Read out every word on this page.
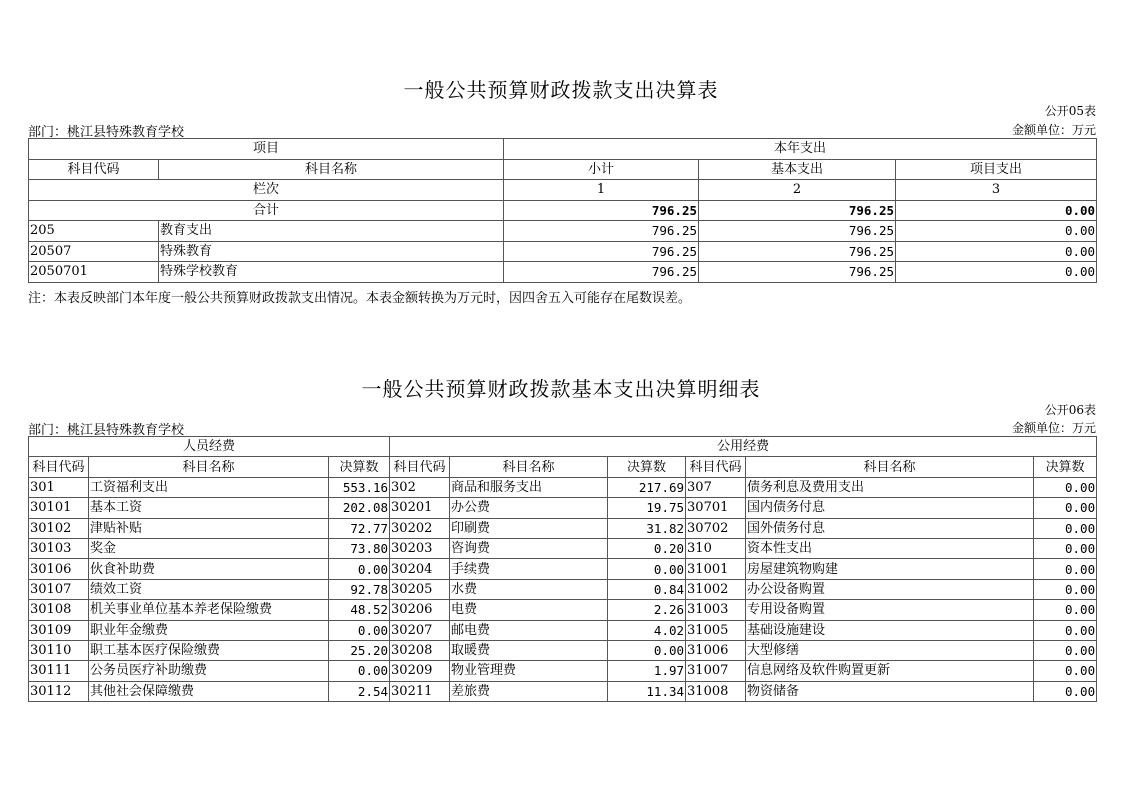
一般公共预算财政拨款支出决算表
公开05表
部门：桃江县特殊教育学校	金额单位：万元
项目		本年支出		
科目代码	科目名称	小计	基本支出	项目支出
栏次		1	2	3
合计		796.25	796.25	0.00
205	教育支出	796.25	796.25	0.00
20507	特殊教育	796.25	796.25	0.00
2050701	特殊学校教育	796.25	796.25	0.00
注：本表反映部门本年度一般公共预算财政拨款支出情况。本表金额转换为万元时，因四舍五入可能存在尾数误差。
一般公共预算财政拨款基本支出决算明细表
公开06表
部门：桃江县特殊教育学校	金额单位：万元
人员经费			公用经费					
科目代码	科目名称	决算数	科目代码	科目名称	决算数	科目代码	科目名称	决算数
301	工资福利支出	553.16	302	商品和服务支出	217.69	307	债务利息及费用支出	0.00
30101	基本工资	202.08	30201	办公费	19.75	30701	国内债务付息	0.00
30102	津贴补贴	72.77	30202	印刷费	31.82	30702	国外债务付息	0.00
30103	奖金	73.80	30203	咨询费	0.20	310	资本性支出	0.00
30106	伙食补助费	0.00	30204	手续费	0.00	31001	房屋建筑物购建	0.00
30107	绩效工资	92.78	30205	水费	0.84	31002	办公设备购置	0.00
30108	机关事业单位基本养老保险缴费	48.52	30206	电费	2.26	31003	专用设备购置	0.00
30109	职业年金缴费	0.00	30207	邮电费	4.02	31005	基础设施建设	0.00
30110	职工基本医疗保险缴费	25.20	30208	取暖费	0.00	31006	大型修缮	0.00
30111	公务员医疗补助缴费	0.00	30209	物业管理费	1.97	31007	信息网络及软件购置更新	0.00
30112	其他社会保障缴费	2.54	30211	差旅费	11.34	31008	物资储备	0.00
